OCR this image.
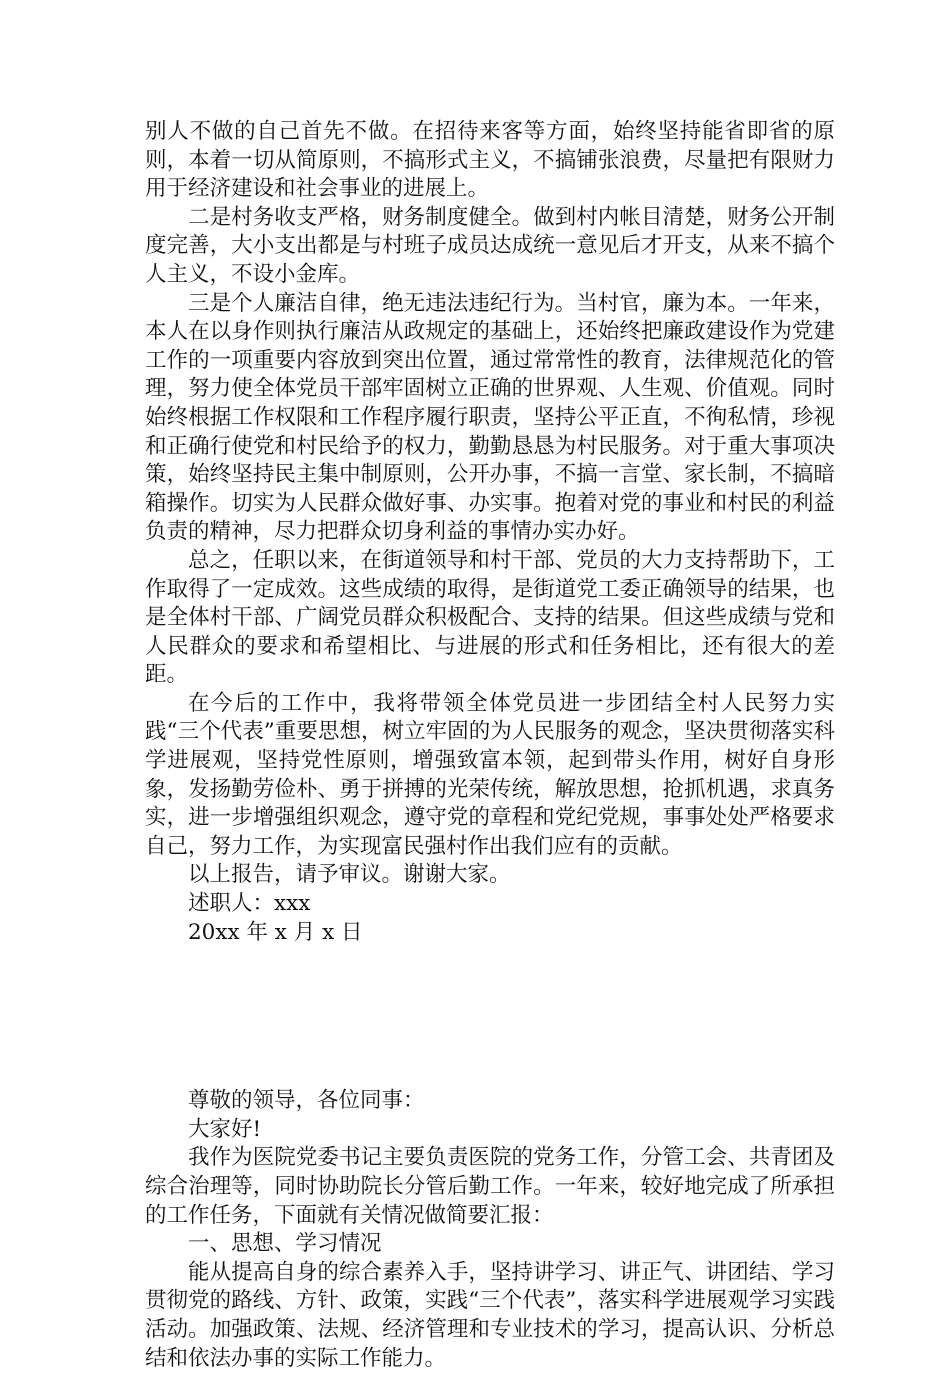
别人不做的自己首先不做。在招待来客等方面，始终坚持能省即省的原则，本着一切从简原则，不搞形式主义，不搞铺张浪费，尽量把有限财力用于经济建设和社会事业的进展上。

二是村务收支严格，财务制度健全。做到村内帐目清楚，财务公开制度完善，大小支出都是与村班子成员达成统一意见后才开支，从来不搞个人主义，不设小金库。

三是个人廉洁自律，绝无违法违纪行为。当村官，廉为本。一年来，本人在以身作则执行廉洁从政规定的基础上，还始终把廉政建设作为党建工作的一项重要内容放到突出位置，通过常常性的教育，法律规范化的管理，努力使全体党员干部牢固树立正确的世界观、人生观、价值观。同时始终根据工作权限和工作程序履行职责，坚持公平正直，不徇私情，珍视和正确行使党和村民给予的权力，勤勤恳恳为村民服务。对于重大事项决策，始终坚持民主集中制原则，公开办事，不搞一言堂、家长制，不搞暗箱操作。切实为人民群众做好事、办实事。抱着对党的事业和村民的利益负责的精神，尽力把群众切身利益的事情办实办好。

总之，任职以来，在街道领导和村干部、党员的大力支持帮助下，工作取得了一定成效。这些成绩的取得，是街道党工委正确领导的结果，也是全体村干部、广阔党员群众积极配合、支持的结果。但这些成绩与党和人民群众的要求和希望相比、与进展的形式和任务相比，还有很大的差距。

在今后的工作中，我将带领全体党员进一步团结全村人民努力实践“三个代表”重要思想，树立牢固的为人民服务的观念，坚决贯彻落实科学进展观，坚持党性原则，增强致富本领，起到带头作用，树好自身形象，发扬勤劳俭朴、勇于拼搏的光荣传统，解放思想，抢抓机遇，求真务实，进一步增强组织观念，遵守党的章程和党纪党规，事事处处严格要求自己，努力工作，为实现富民强村作出我们应有的贡献。

以上报告，请予审议。谢谢大家。

述职人：xxx

20xx 年 x 月 x 日

尊敬的领导，各位同事：

大家好!

我作为医院党委书记主要负责医院的党务工作，分管工会、共青团及综合治理等，同时协助院长分管后勤工作。一年来，较好地完成了所承担的工作任务，下面就有关情况做简要汇报：

一、思想、学习情况

能从提高自身的综合素养入手，坚持讲学习、讲正气、讲团结、学习贯彻党的路线、方针、政策，实践“三个代表”，落实科学进展观学习实践活动。加强政策、法规、经济管理和专业技术的学习，提高认识、分析总结和依法办事的实际工作能力。
